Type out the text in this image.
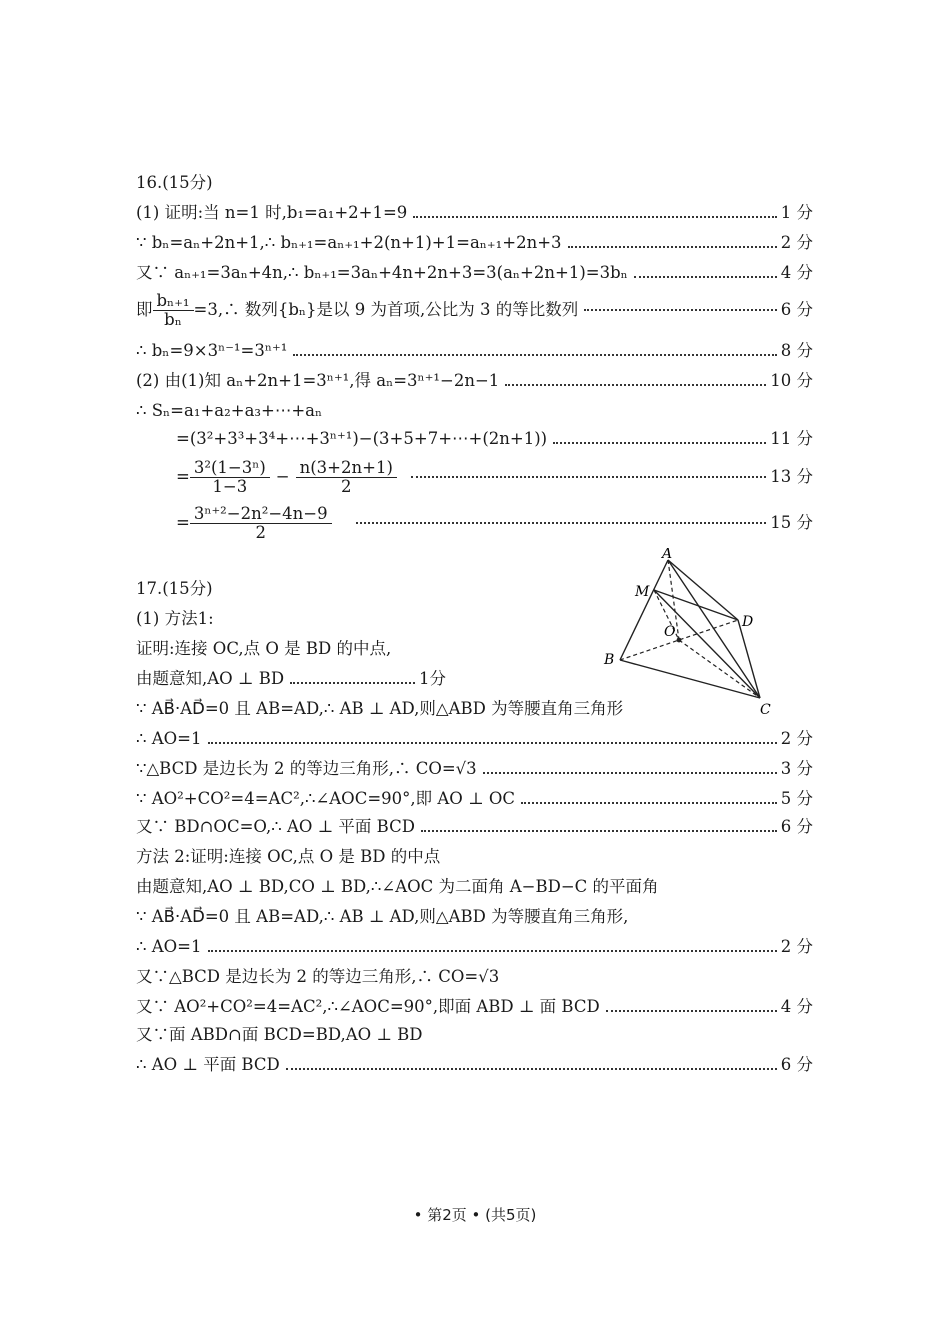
16.(15分)
(1) 证明:当 n=1 时,b₁=a₁+2+1=9	1 分
∵ bₙ=aₙ+2n+1,∴ bₙ₊₁=aₙ₊₁+2(n+1)+1=aₙ₊₁+2n+3	2 分
又∵ aₙ₊₁=3aₙ+4n,∴ bₙ₊₁=3aₙ+4n+2n+3=3(aₙ+2n+1)=3bₙ	4 分
即 $\frac{\text{bₙ₊₁}}{\text{bₙ}}$ =3,∴ 数列{bₙ}是以 9 为首项,公比为 3 的等比数列	6 分
∴ bₙ=9×3ⁿ⁻¹=3ⁿ⁺¹	8 分
(2) 由(1)知 aₙ+2n+1=3ⁿ⁺¹,得 aₙ=3ⁿ⁺¹−2n−1	10 分
∴ Sₙ=a₁+a₂+a₃+⋯+aₙ
=(3²+3³+3⁴+⋯+3ⁿ⁺¹)−(3+5+7+⋯+(2n+1))	11 分
= $\frac{\text{3²(1−3ⁿ)}}{1-3} - \frac{n(3+2n+1)}{2}$	13 分
= $\frac{\text{3ⁿ⁺²−2n²−4n−9}}{2}$	15 分
17.(15分)
(1) 方法1:
证明:连接 OC,点 O 是 BD 的中点,
由题意知,AO ⊥ BD	1分
∵ AB⃗·AD⃗=0 且 AB=AD,∴ AB ⊥ AD,则△ABD 为等腰直角三角形
∴ AO=1	2 分
∵△BCD 是边长为 2 的等边三角形,∴ CO=√3	3 分
∵ AO²+CO²=4=AC²,∴∠AOC=90°,即 AO ⊥ OC	5 分
又∵ BD∩OC=O,∴ AO ⊥ 平面 BCD	6 分
方法 2:证明:连接 OC,点 O 是 BD 的中点
由题意知,AO ⊥ BD,CO ⊥ BD,∴∠AOC 为二面角 A−BD−C 的平面角
∵ AB⃗·AD⃗=0 且 AB=AD,∴ AB ⊥ AD,则△ABD 为等腰直角三角形,
∴ AO=1	2 分
又∵△BCD 是边长为 2 的等边三角形,∴ CO=√3
又∵ AO²+CO²=4=AC²,∴∠AOC=90°,即面 ABD ⊥ 面 BCD	4 分
又∵面 ABD∩面 BCD=BD,AO ⊥ BD
∴ AO ⊥ 平面 BCD	6 分
A
M
D
O
B
C
• 第2页 • (共5页)
